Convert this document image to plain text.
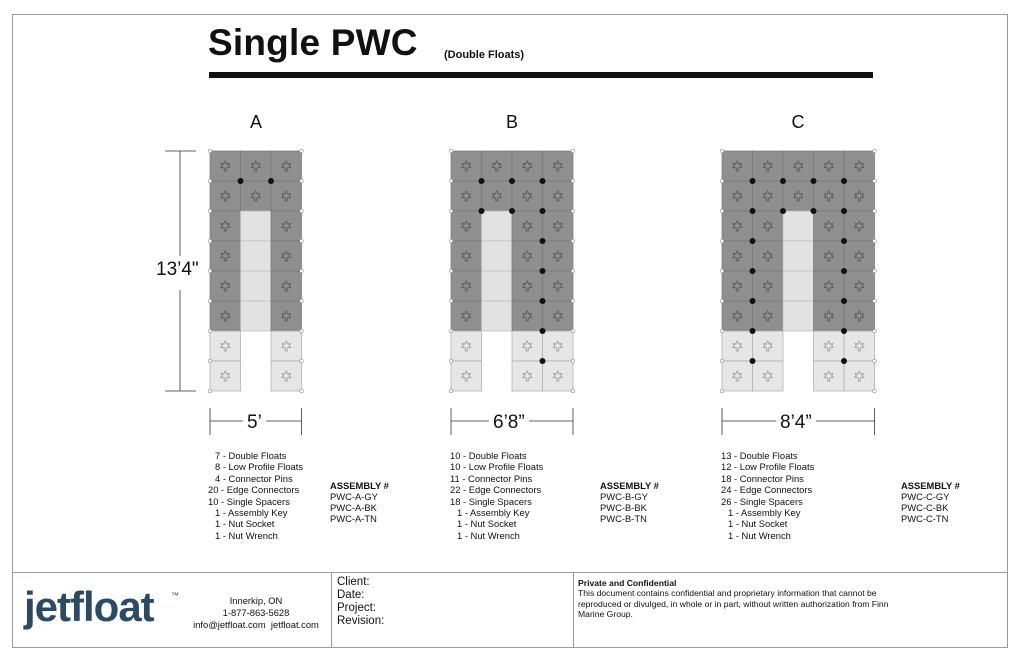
Single PWC (Double Floats)
A	B	C
13’4"
5’	6’8”	8’4”
7 - Double Floats
8 - Low Profile Floats
4 - Connector Pins
20 - Edge Connectors
10 - Single Spacers
1 - Assembly Key
1 - Nut Socket
1 - Nut Wrench
ASSEMBLY #
PWC-A-GY
PWC-A-BK
PWC-A-TN
10 - Double Floats
10 - Low Profile Floats
11 - Connector Pins
22 - Edge Connectors
18 - Single Spacers
1 - Assembly Key
1 - Nut Socket
1 - Nut Wrench
ASSEMBLY #
PWC-B-GY
PWC-B-BK
PWC-B-TN
13 - Double Floats
12 - Low Profile Floats
18 - Connector Pins
24 - Edge Connectors
26 - Single Spacers
1 - Assembly Key
1 - Nut Socket
1 - Nut Wrench
ASSEMBLY #
PWC-C-GY
PWC-C-BK
PWC-C-TN
jetfloat ™	Innerkip, ON
1-877-863-5628
info@jetfloat.com jetfloat.com
Client:
Date:
Project:
Revision:
Private and Confidential
This document contains confidential and proprietary information that cannot be reproduced or divulged, in whole or in part, without written authorization from Finn Marine Group.
